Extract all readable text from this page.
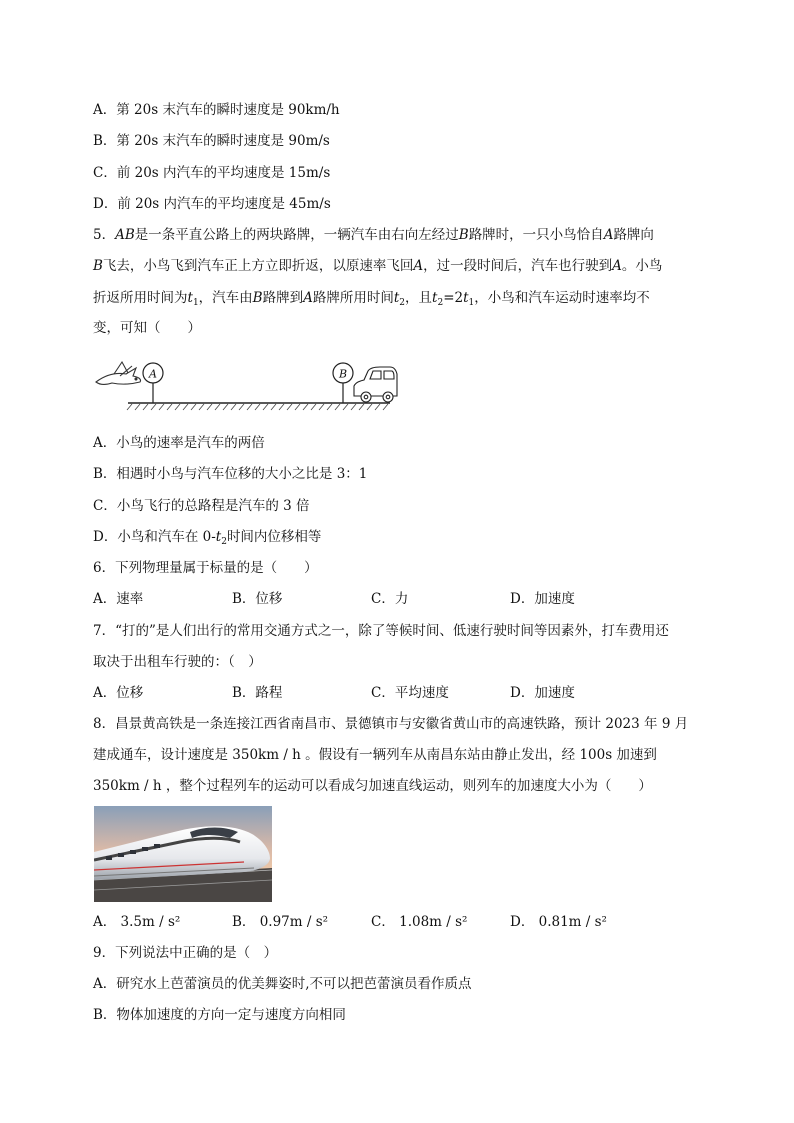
A．第 20s 末汽车的瞬时速度是 90km/h
B．第 20s 末汽车的瞬时速度是 90m/s
C．前 20s 内汽车的平均速度是 15m/s
D．前 20s 内汽车的平均速度是 45m/s
5．AB是一条平直公路上的两块路牌，一辆汽车由右向左经过B路牌时，一只小鸟恰自A路牌向
B飞去，小鸟飞到汽车正上方立即折返，以原速率飞回A，过一段时间后，汽车也行驶到A。小鸟
折返所用时间为$t_1$，汽车由B路牌到A路牌所用时间$t_2$，且$t_2=2t_1$，小鸟和汽车运动时速率均不
变，可知（　　）
A	B
A．小鸟的速率是汽车的两倍
B．相遇时小鸟与汽车位移的大小之比是 3：1
C．小鸟飞行的总路程是汽车的 3 倍
D．小鸟和汽车在 $0-t_2$时间内位移相等
6．下列物理量属于标量的是（　　）
A．速率	B．位移	C．力	D．加速度
7．“打的”是人们出行的常用交通方式之一，除了等候时间、低速行驶时间等因素外，打车费用还
取决于出租车行驶的：（　）
A．位移	B．路程	C．平均速度	D．加速度
8．昌景黄高铁是一条连接江西省南昌市、景德镇市与安徽省黄山市的高速铁路，预计 2023 年 9 月
建成通车，设计速度是 350km / h 。假设有一辆列车从南昌东站由静止发出，经 100s 加速到
350km / h ，整个过程列车的运动可以看成匀加速直线运动，则列车的加速度大小为（　　）
A． 3.5m / s²	B． 0.97m / s²	C． 1.08m / s²	D． 0.81m / s²
9．下列说法中正确的是（　）
A．研究水上芭蕾演员的优美舞姿时,不可以把芭蕾演员看作质点
B．物体加速度的方向一定与速度方向相同
